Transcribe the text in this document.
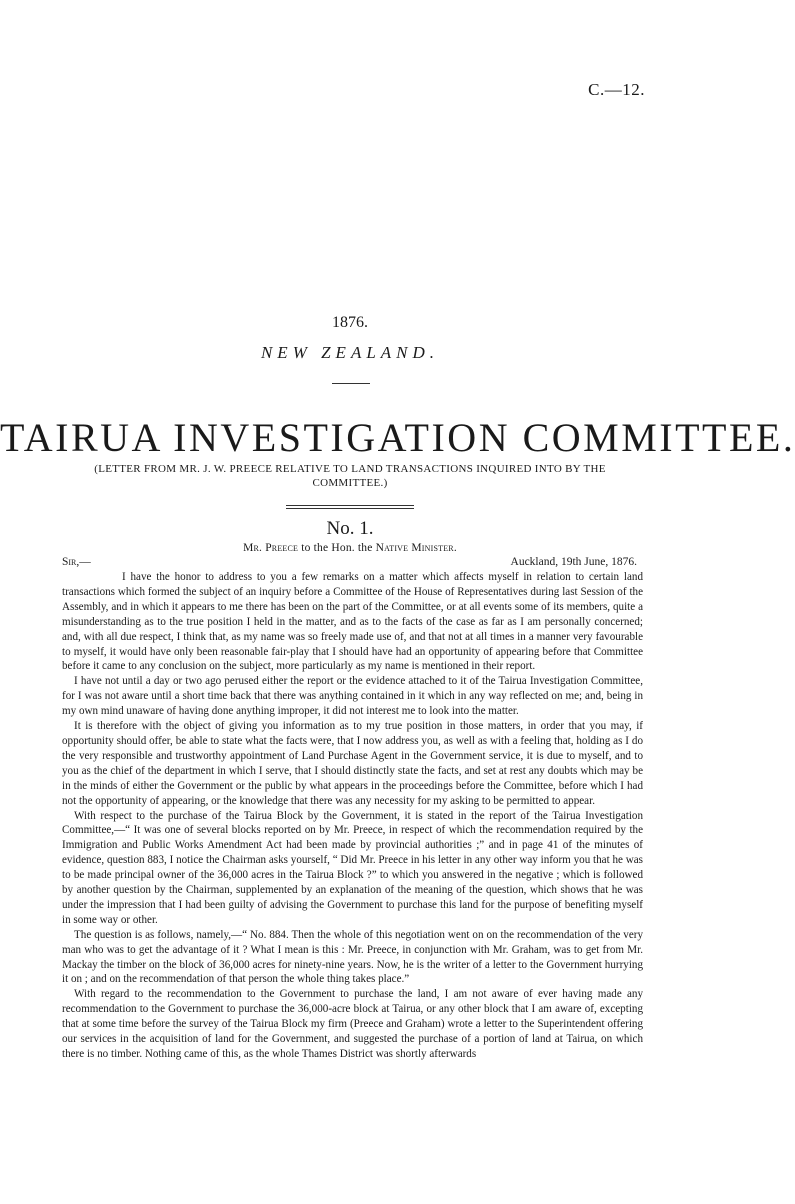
C.—12.
1876.
NEW ZEALAND.
TAIRUA INVESTIGATION COMMITTEE.
(LETTER FROM MR. J. W. PREECE RELATIVE TO LAND TRANSACTIONS INQUIRED INTO BY THE COMMITTEE.)
No. 1.
Mr. Preece to the Hon. the Native Minister.
Sir,—	Auckland, 19th June, 1876.

I have the honor to address to you a few remarks on a matter which affects myself in relation to certain land transactions which formed the subject of an inquiry before a Committee of the House of Representatives during last Session of the Assembly, and in which it appears to me there has been on the part of the Committee, or at all events some of its members, quite a misunderstanding as to the true position I held in the matter, and as to the facts of the case as far as I am personally concerned; and, with all due respect, I think that, as my name was so freely made use of, and that not at all times in a manner very favourable to myself, it would have only been reasonable fair-play that I should have had an opportunity of appearing before that Committee before it came to any conclusion on the subject, more particularly as my name is mentioned in their report.

I have not until a day or two ago perused either the report or the evidence attached to it of the Tairua Investigation Committee, for I was not aware until a short time back that there was anything contained in it which in any way reflected on me; and, being in my own mind unaware of having done anything improper, it did not interest me to look into the matter.

It is therefore with the object of giving you information as to my true position in those matters, in order that you may, if opportunity should offer, be able to state what the facts were, that I now address you, as well as with a feeling that, holding as I do the very responsible and trustworthy appointment of Land Purchase Agent in the Government service, it is due to myself, and to you as the chief of the department in which I serve, that I should distinctly state the facts, and set at rest any doubts which may be in the minds of either the Government or the public by what appears in the proceedings before the Committee, before which I had not the opportunity of appearing, or the knowledge that there was any necessity for my asking to be permitted to appear.

With respect to the purchase of the Tairua Block by the Government, it is stated in the report of the Tairua Investigation Committee,—“ It was one of several blocks reported on by Mr. Preece, in respect of which the recommendation required by the Immigration and Public Works Amendment Act had been made by provincial authorities ;” and in page 41 of the minutes of evidence, question 883, I notice the Chairman asks yourself, “ Did Mr. Preece in his letter in any other way inform you that he was to be made principal owner of the 36,000 acres in the Tairua Block ?” to which you answered in the negative ; which is followed by another question by the Chairman, supplemented by an explanation of the meaning of the question, which shows that he was under the impression that I had been guilty of advising the Government to purchase this land for the purpose of benefiting myself in some way or other.

The question is as follows, namely,—“ No. 884. Then the whole of this negotiation went on on the recommendation of the very man who was to get the advantage of it ? What I mean is this : Mr. Preece, in conjunction with Mr. Graham, was to get from Mr. Mackay the timber on the block of 36,000 acres for ninety-nine years. Now, he is the writer of a letter to the Government hurrying it on ; and on the recommendation of that person the whole thing takes place.”

With regard to the recommendation to the Government to purchase the land, I am not aware of ever having made any recommendation to the Government to purchase the 36,000-acre block at Tairua, or any other block that I am aware of, excepting that at some time before the survey of the Tairua Block my firm (Preece and Graham) wrote a letter to the Superintendent offering our services in the acquisition of land for the Government, and suggested the purchase of a portion of land at Tairua, on which there is no timber. Nothing came of this, as the whole Thames District was shortly afterwards
